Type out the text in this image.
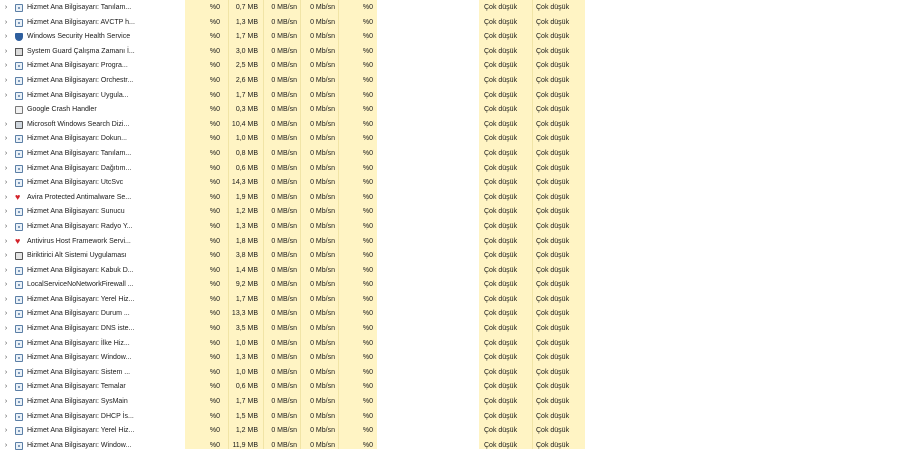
›	Hizmet Ana Bilgisayarı: Tanılam...	%0	0,7 MB	0 MB/sn	0 Mb/sn	%0	Çok düşük	Çok düşük
›	Hizmet Ana Bilgisayarı: AVCTP h...	%0	1,3 MB	0 MB/sn	0 Mb/sn	%0	Çok düşük	Çok düşük
›	Windows Security Health Service	%0	1,7 MB	0 MB/sn	0 Mb/sn	%0	Çok düşük	Çok düşük
›	System Guard Çalışma Zamanı İ...	%0	3,0 MB	0 MB/sn	0 Mb/sn	%0	Çok düşük	Çok düşük
›	Hizmet Ana Bilgisayarı: Progra...	%0	2,5 MB	0 MB/sn	0 Mb/sn	%0	Çok düşük	Çok düşük
›	Hizmet Ana Bilgisayarı: Orchestr...	%0	2,6 MB	0 MB/sn	0 Mb/sn	%0	Çok düşük	Çok düşük
›	Hizmet Ana Bilgisayarı: Uygula...	%0	1,7 MB	0 MB/sn	0 Mb/sn	%0	Çok düşük	Çok düşük
Google Crash Handler	%0	0,3 MB	0 MB/sn	0 Mb/sn	%0	Çok düşük	Çok düşük
›	Microsoft Windows Search Dizi...	%0	10,4 MB	0 MB/sn	0 Mb/sn	%0	Çok düşük	Çok düşük
›	Hizmet Ana Bilgisayarı: Dokun...	%0	1,0 MB	0 MB/sn	0 Mb/sn	%0	Çok düşük	Çok düşük
›	Hizmet Ana Bilgisayarı: Tanılam...	%0	0,8 MB	0 MB/sn	0 Mb/sn	%0	Çok düşük	Çok düşük
›	Hizmet Ana Bilgisayarı: Dağıtım...	%0	0,6 MB	0 MB/sn	0 Mb/sn	%0	Çok düşük	Çok düşük
›	Hizmet Ana Bilgisayarı: UtcSvc	%0	14,3 MB	0 MB/sn	0 Mb/sn	%0	Çok düşük	Çok düşük
› ♥	Avira Protected Antimalware Se...	%0	1,9 MB	0 MB/sn	0 Mb/sn	%0	Çok düşük	Çok düşük
›	Hizmet Ana Bilgisayarı: Sunucu	%0	1,2 MB	0 MB/sn	0 Mb/sn	%0	Çok düşük	Çok düşük
›	Hizmet Ana Bilgisayarı: Radyo Y...	%0	1,3 MB	0 MB/sn	0 Mb/sn	%0	Çok düşük	Çok düşük
› ♥	Antivirus Host Framework Servi...	%0	1,8 MB	0 MB/sn	0 Mb/sn	%0	Çok düşük	Çok düşük
›	Biriktirici Alt Sistemi Uygulaması	%0	3,8 MB	0 MB/sn	0 Mb/sn	%0	Çok düşük	Çok düşük
›	Hizmet Ana Bilgisayarı: Kabuk D...	%0	1,4 MB	0 MB/sn	0 Mb/sn	%0	Çok düşük	Çok düşük
›	LocalServiceNoNetworkFirewall ...	%0	9,2 MB	0 MB/sn	0 Mb/sn	%0	Çok düşük	Çok düşük
›	Hizmet Ana Bilgisayarı: Yerel Hiz...	%0	1,7 MB	0 MB/sn	0 Mb/sn	%0	Çok düşük	Çok düşük
›	Hizmet Ana Bilgisayarı: Durum ...	%0	13,3 MB	0 MB/sn	0 Mb/sn	%0	Çok düşük	Çok düşük
›	Hizmet Ana Bilgisayarı: DNS iste...	%0	3,5 MB	0 MB/sn	0 Mb/sn	%0	Çok düşük	Çok düşük
›	Hizmet Ana Bilgisayarı: İlke Hiz...	%0	1,0 MB	0 MB/sn	0 Mb/sn	%0	Çok düşük	Çok düşük
›	Hizmet Ana Bilgisayarı: Window...	%0	1,3 MB	0 MB/sn	0 Mb/sn	%0	Çok düşük	Çok düşük
›	Hizmet Ana Bilgisayarı: Sistem ...	%0	1,0 MB	0 MB/sn	0 Mb/sn	%0	Çok düşük	Çok düşük
›	Hizmet Ana Bilgisayarı: Temalar	%0	0,6 MB	0 MB/sn	0 Mb/sn	%0	Çok düşük	Çok düşük
›	Hizmet Ana Bilgisayarı: SysMain	%0	1,7 MB	0 MB/sn	0 Mb/sn	%0	Çok düşük	Çok düşük
›	Hizmet Ana Bilgisayarı: DHCP İs...	%0	1,5 MB	0 MB/sn	0 Mb/sn	%0	Çok düşük	Çok düşük
›	Hizmet Ana Bilgisayarı: Yerel Hiz...	%0	1,2 MB	0 MB/sn	0 Mb/sn	%0	Çok düşük	Çok düşük
›	Hizmet Ana Bilgisayarı: Window...	%0	11,9 MB	0 MB/sn	0 Mb/sn	%0	Çok düşük	Çok düşük
